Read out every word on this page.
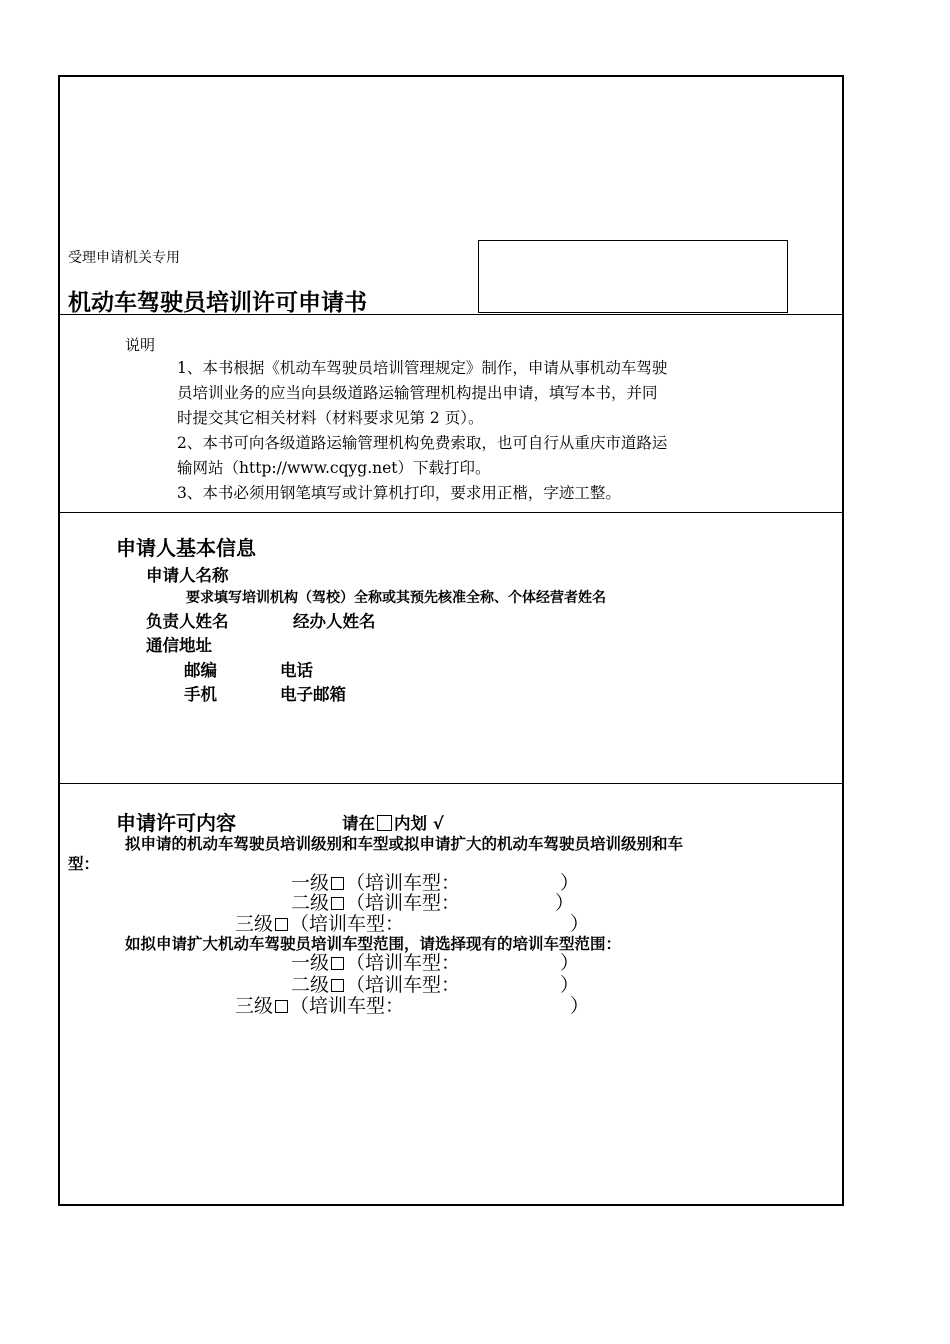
受理申请机关专用
机动车驾驶员培训许可申请书
说明
1、本书根据《机动车驾驶员培训管理规定》制作，申请从事机动车驾驶
员培训业务的应当向县级道路运输管理机构提出申请，填写本书，并同
时提交其它相关材料（材料要求见第 2 页）。
2、本书可向各级道路运输管理机构免费索取，也可自行从重庆市道路运
输网站（http://www.cqyg.net）下载打印。
3、本书必须用钢笔填写或计算机打印，要求用正楷，字迹工整。
申请人基本信息
申请人名称
要求填写培训机构（驾校）全称或其预先核准全称、个体经营者姓名
负责人姓名	经办人姓名
通信地址
邮编	电话
手机	电子邮箱
申请许可内容	请在 内划 √
拟申请的机动车驾驶员培训级别和车型或拟申请扩大的机动车驾驶员培训级别和车
型：
一级 （培训车型：	）
二级 （培训车型：	）
三级 （培训车型：	）
如拟申请扩大机动车驾驶员培训车型范围，请选择现有的培训车型范围：
一级 （培训车型：	）
二级 （培训车型：	）
三级 （培训车型：	）
